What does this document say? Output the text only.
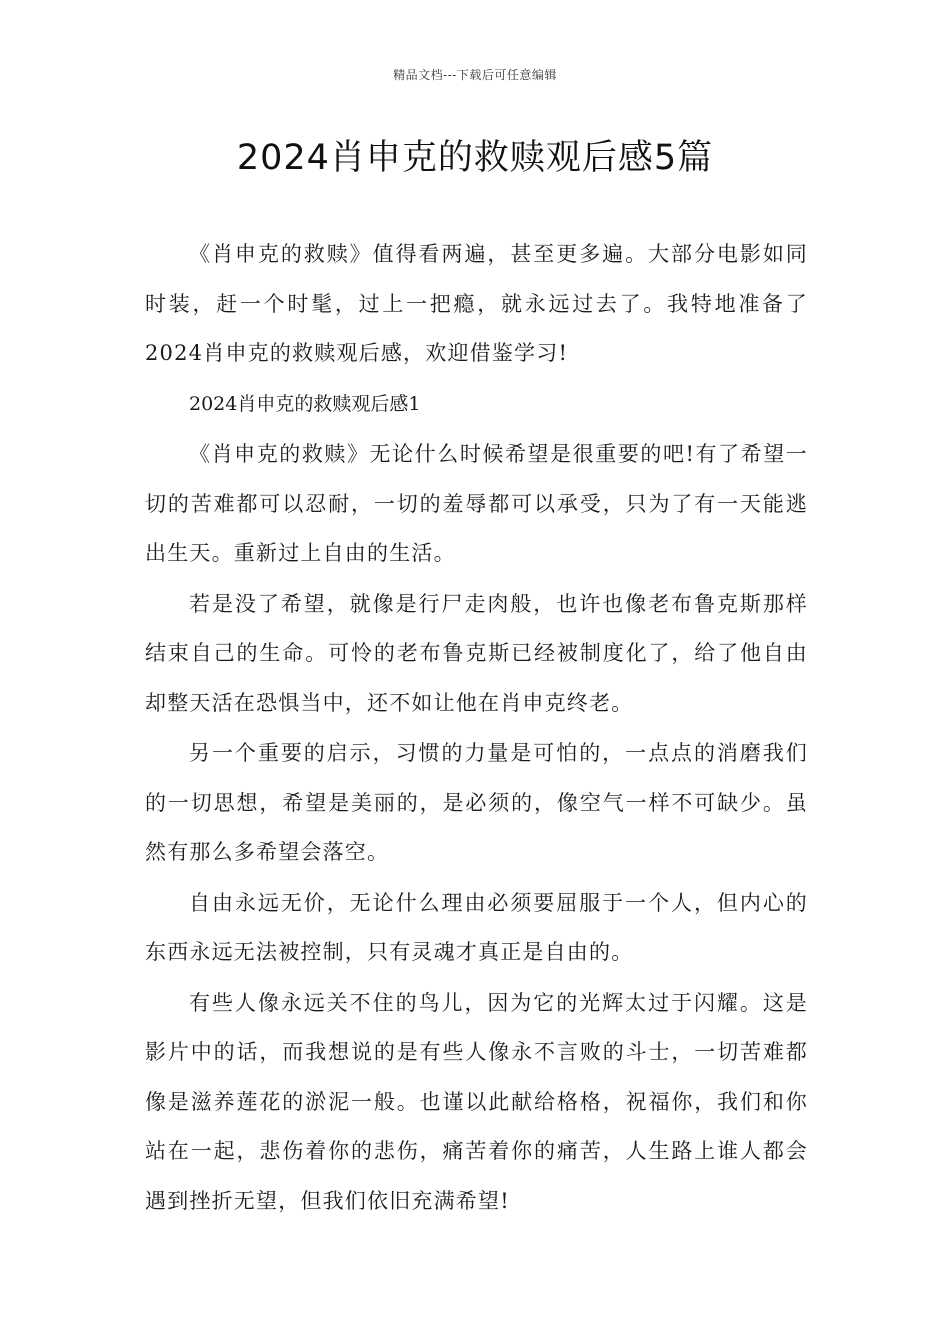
精品文档---下载后可任意编辑
2024肖申克的救赎观后感5篇

《肖申克的救赎》值得看两遍，甚至更多遍。大部分电影如同时装，赶一个时髦，过上一把瘾，就永远过去了。我特地准备了2024肖申克的救赎观后感，欢迎借鉴学习!

2024肖申克的救赎观后感1

《肖申克的救赎》无论什么时候希望是很重要的吧!有了希望一切的苦难都可以忍耐，一切的羞辱都可以承受，只为了有一天能逃出生天。重新过上自由的生活。

若是没了希望，就像是行尸走肉般，也许也像老布鲁克斯那样结束自己的生命。可怜的老布鲁克斯已经被制度化了，给了他自由却整天活在恐惧当中，还不如让他在肖申克终老。

另一个重要的启示，习惯的力量是可怕的，一点点的消磨我们的一切思想，希望是美丽的，是必须的，像空气一样不可缺少。虽然有那么多希望会落空。

自由永远无价，无论什么理由必须要屈服于一个人，但内心的东西永远无法被控制，只有灵魂才真正是自由的。

有些人像永远关不住的鸟儿，因为它的光辉太过于闪耀。这是影片中的话，而我想说的是有些人像永不言败的斗士，一切苦难都像是滋养莲花的淤泥一般。也谨以此献给格格，祝福你，我们和你站在一起，悲伤着你的悲伤，痛苦着你的痛苦，人生路上谁人都会遇到挫折无望，但我们依旧充满希望!
